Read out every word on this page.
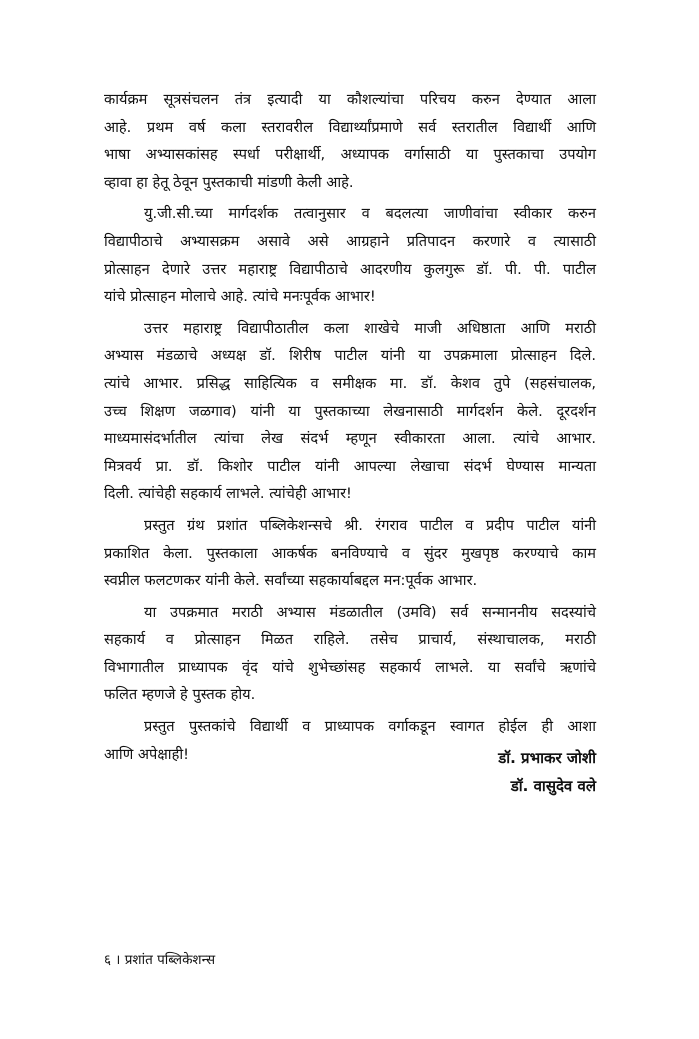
कार्यक्रम सूत्रसंचलन तंत्र इत्यादी या कौशल्यांचा परिचय करुन देण्यात आला
आहे. प्रथम वर्ष कला स्तरावरील विद्यार्थ्यांप्रमाणे सर्व स्तरातील विद्यार्थी आणि
भाषा अभ्यासकांसह स्पर्धा परीक्षार्थी, अध्यापक वर्गासाठी या पुस्तकाचा उपयोग
व्हावा हा हेतू ठेवून पुस्तकाची मांडणी केली आहे.

यु.जी.सी.च्या मार्गदर्शक तत्वानुसार व बदलत्या जाणीवांचा स्वीकार करुन
विद्यापीठाचे अभ्यासक्रम असावे असे आग्रहाने प्रतिपादन करणारे व त्यासाठी
प्रोत्साहन देणारे उत्तर महाराष्ट्र विद्यापीठाचे आदरणीय कुलगुरू डॉ. पी. पी. पाटील
यांचे प्रोत्साहन मोलाचे आहे. त्यांचे मनःपूर्वक आभार!

उत्तर महाराष्ट्र विद्यापीठातील कला शाखेचे माजी अधिष्ठाता आणि मराठी
अभ्यास मंडळाचे अध्यक्ष डॉ. शिरीष पाटील यांनी या उपक्रमाला प्रोत्साहन दिले.
त्यांचे आभार. प्रसिद्ध साहित्यिक व समीक्षक मा. डॉ. केशव तुपे (सहसंचालक,
उच्च शिक्षण जळगाव) यांनी या पुस्तकाच्या लेखनासाठी मार्गदर्शन केले. दूरदर्शन
माध्यमासंदर्भातील त्यांचा लेख संदर्भ म्हणून स्वीकारता आला. त्यांचे आभार.
मित्रवर्य प्रा. डॉ. किशोर पाटील यांनी आपल्या लेखाचा संदर्भ घेण्यास मान्यता
दिली. त्यांचेही सहकार्य लाभले. त्यांचेही आभार!

प्रस्तुत ग्रंथ प्रशांत पब्लिकेशन्सचे श्री. रंगराव पाटील व प्रदीप पाटील यांनी
प्रकाशित केला. पुस्तकाला आकर्षक बनविण्याचे व सुंदर मुखपृष्ठ करण्याचे काम
स्वप्नील फलटणकर यांनी केले. सर्वांच्या सहकार्याबद्दल मन:पूर्वक आभार.

या उपक्रमात मराठी अभ्यास मंडळातील (उमवि) सर्व सन्माननीय सदस्यांचे
सहकार्य व प्रोत्साहन मिळत राहिले. तसेच प्राचार्य, संस्थाचालक, मराठी
विभागातील प्राध्यापक वृंद यांचे शुभेच्छांसह सहकार्य लाभले. या सर्वांचे ऋणांचे
फलित म्हणजे हे पुस्तक होय.

प्रस्तुत पुस्तकांचे विद्यार्थी व प्राध्यापक वर्गाकडून स्वागत होईल ही आशा
आणि अपेक्षाही!	डॉ. प्रभाकर जोशी
डॉ. वासुदेव वले
६ । प्रशांत पब्लिकेशन्स
